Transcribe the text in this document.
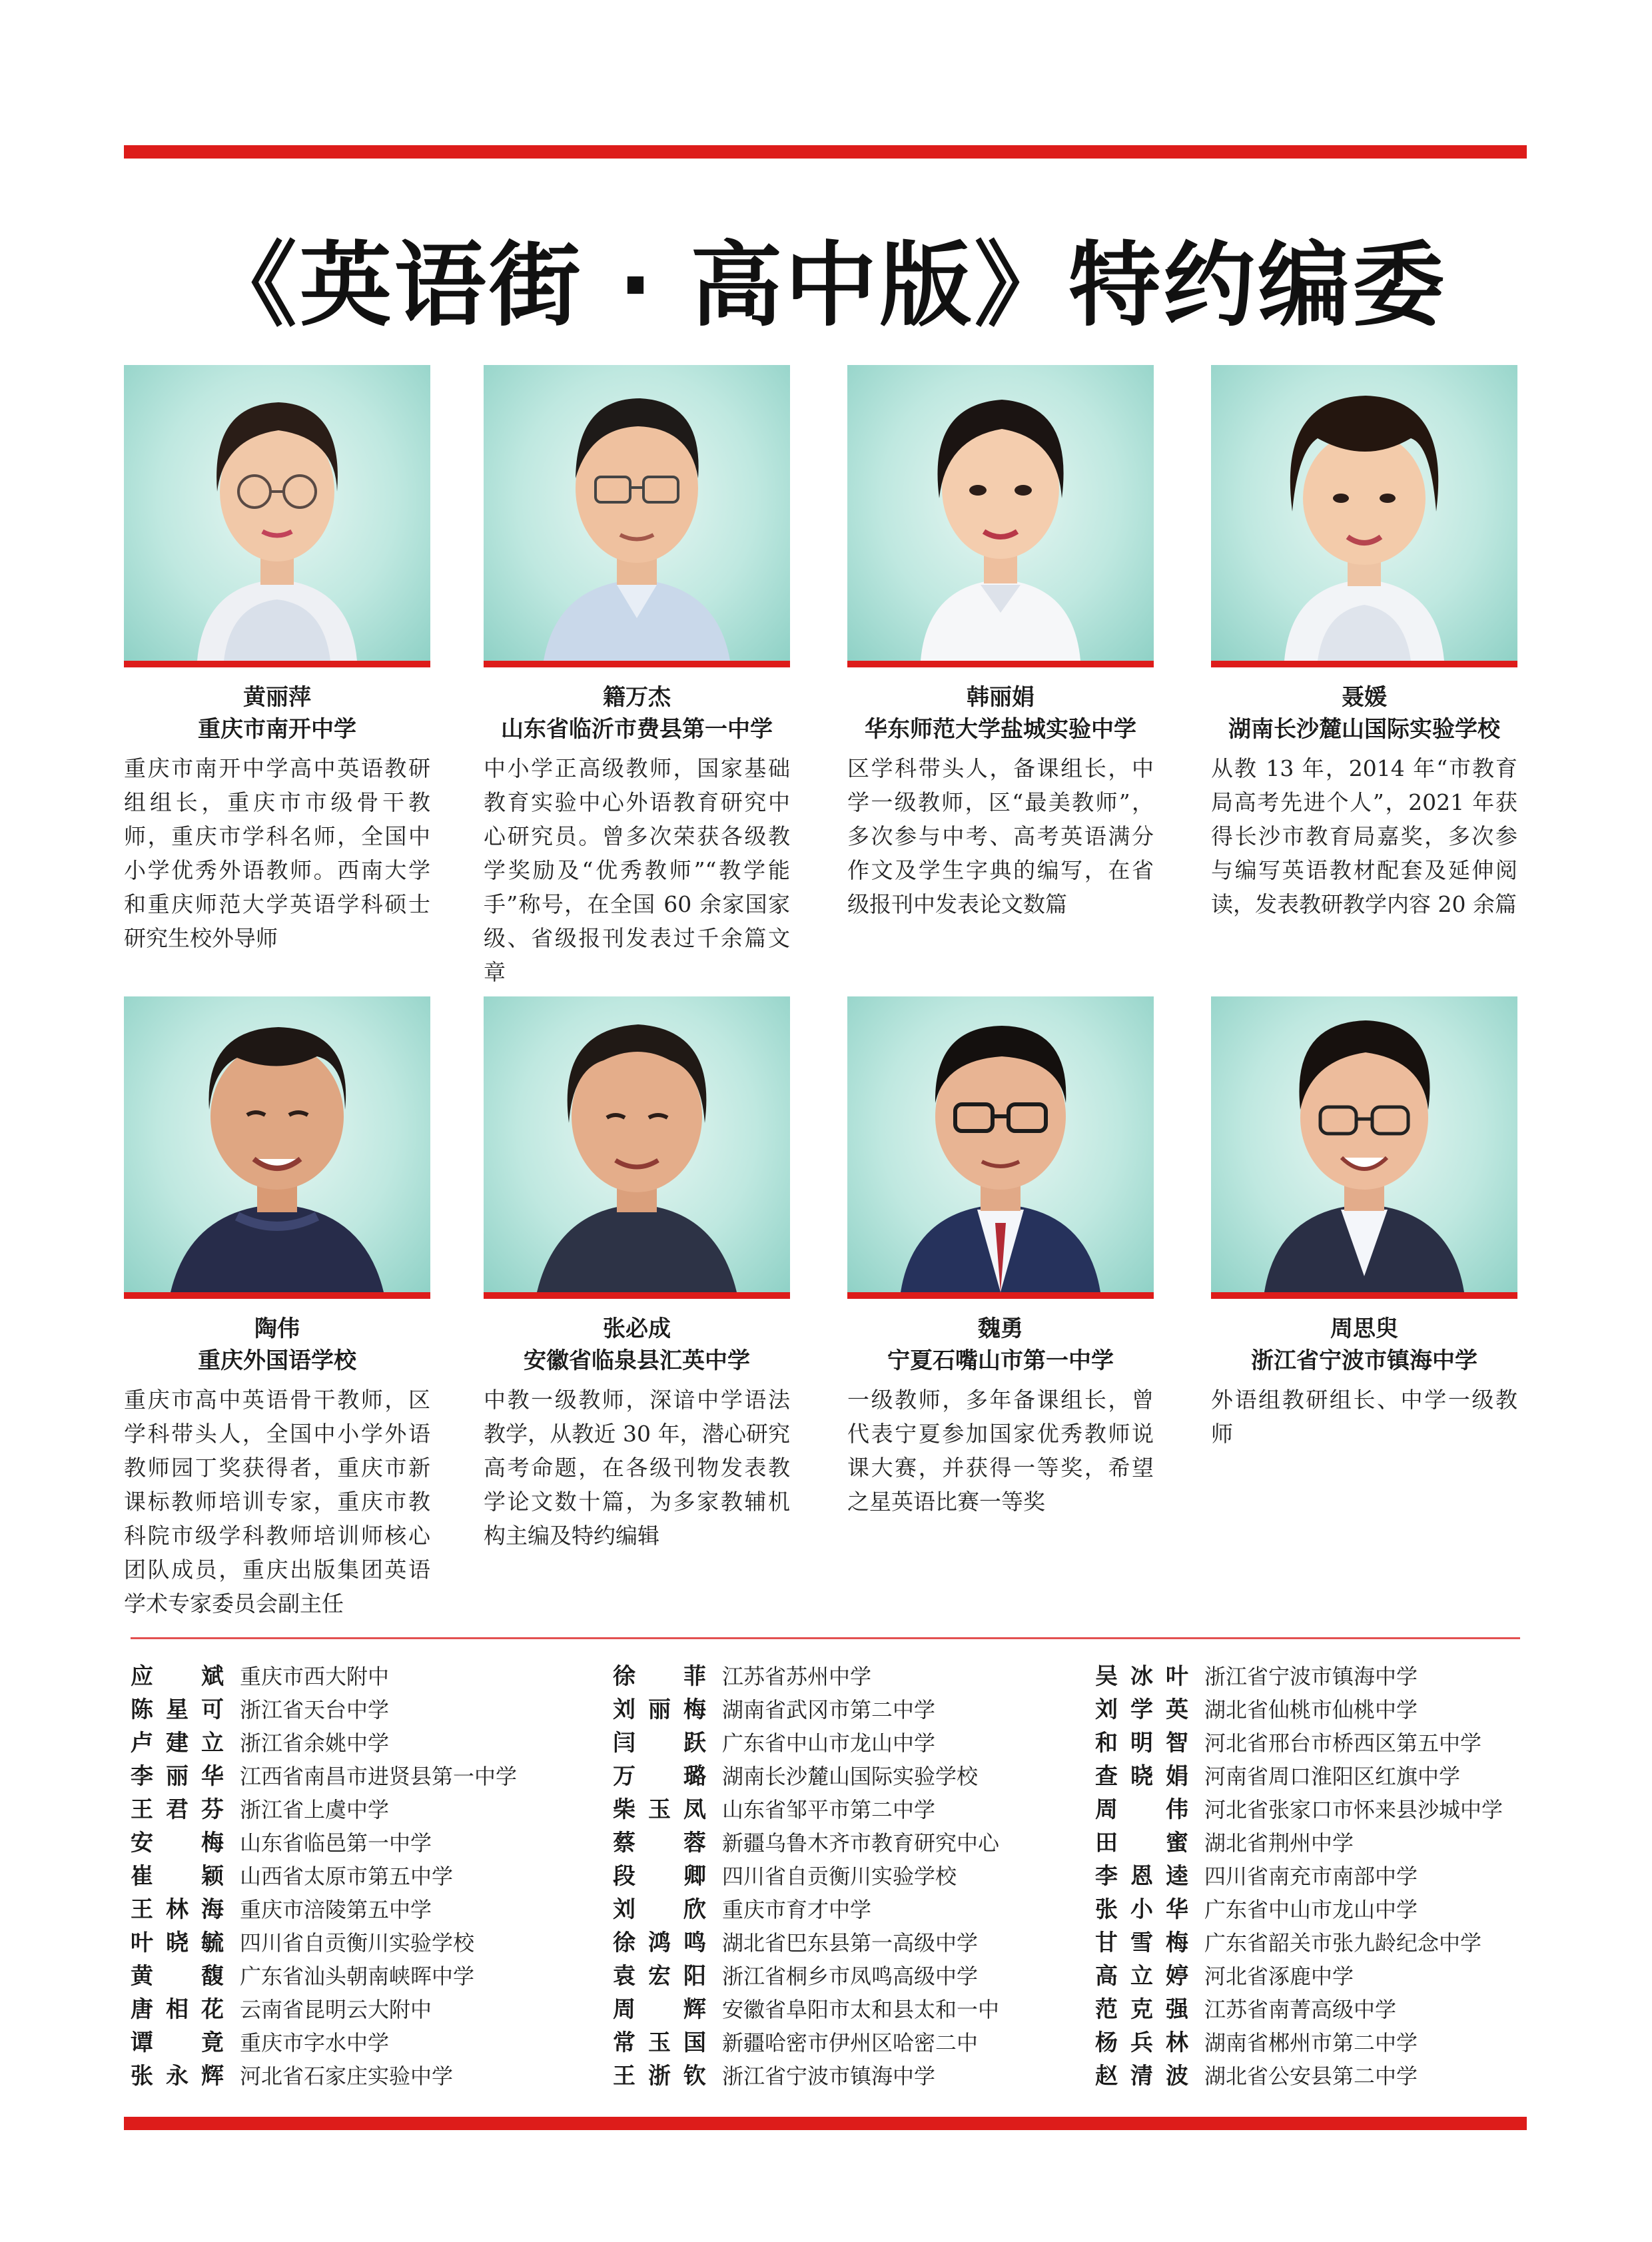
《英语街 · 高中版》特约编委
黄丽萍
重庆市南开中学
重庆市南开中学高中英语教研组组长，重庆市市级骨干教师，重庆市学科名师，全国中小学优秀外语教师。西南大学和重庆师范大学英语学科硕士研究生校外导师
籍万杰
山东省临沂市费县第一中学
中小学正高级教师，国家基础教育实验中心外语教育研究中心研究员。曾多次荣获各级教学奖励及“优秀教师”“教学能手”称号，在全国 60 余家国家级、省级报刊发表过千余篇文章
韩丽娟
华东师范大学盐城实验中学
区学科带头人，备课组长，中学一级教师，区“最美教师”，多次参与中考、高考英语满分作文及学生字典的编写，在省级报刊中发表论文数篇
聂媛
湖南长沙麓山国际实验学校
从教 13 年，2014 年“市教育局高考先进个人”，2021 年获得长沙市教育局嘉奖，多次参与编写英语教材配套及延伸阅读，发表教研教学内容 20 余篇
陶伟
重庆外国语学校
重庆市高中英语骨干教师，区学科带头人，全国中小学外语教师园丁奖获得者，重庆市新课标教师培训专家，重庆市教科院市级学科教师培训师核心团队成员，重庆出版集团英语学术专家委员会副主任
张必成
安徽省临泉县汇英中学
中教一级教师，深谙中学语法教学，从教近 30 年，潜心研究高考命题，在各级刊物发表教学论文数十篇，为多家教辅机构主编及特约编辑
魏勇
宁夏石嘴山市第一中学
一级教师，多年备课组长，曾代表宁夏参加国家优秀教师说课大赛，并获得一等奖，希望之星英语比赛一等奖
周思臾
浙江省宁波市镇海中学
外语组教研组长、中学一级教师
应 斌 重庆市西大附中
陈星可 浙江省天台中学
卢建立 浙江省余姚中学
李丽华 江西省南昌市进贤县第一中学
王君芬 浙江省上虞中学
安 梅 山东省临邑第一中学
崔 颖 山西省太原市第五中学
王林海 重庆市涪陵第五中学
叶晓毓 四川省自贡衡川实验学校
黄 馥 广东省汕头朝南峡晖中学
唐相花 云南省昆明云大附中
谭 竟 重庆市字水中学
张永辉 河北省石家庄实验中学
徐 菲 江苏省苏州中学
刘丽梅 湖南省武冈市第二中学
闫 跃 广东省中山市龙山中学
万 璐 湖南长沙麓山国际实验学校
柴玉凤 山东省邹平市第二中学
蔡 蓉 新疆乌鲁木齐市教育研究中心
段 卿 四川省自贡衡川实验学校
刘 欣 重庆市育才中学
徐鸿鸣 湖北省巴东县第一高级中学
袁宏阳 浙江省桐乡市凤鸣高级中学
周 辉 安徽省阜阳市太和县太和一中
常玉国 新疆哈密市伊州区哈密二中
王浙钦 浙江省宁波市镇海中学
吴冰叶 浙江省宁波市镇海中学
刘学英 湖北省仙桃市仙桃中学
和明智 河北省邢台市桥西区第五中学
查晓娟 河南省周口淮阳区红旗中学
周 伟 河北省张家口市怀来县沙城中学
田 蜜 湖北省荆州中学
李恩逵 四川省南充市南部中学
张小华 广东省中山市龙山中学
甘雪梅 广东省韶关市张九龄纪念中学
高立婷 河北省涿鹿中学
范克强 江苏省南菁高级中学
杨兵林 湖南省郴州市第二中学
赵清波 湖北省公安县第二中学
